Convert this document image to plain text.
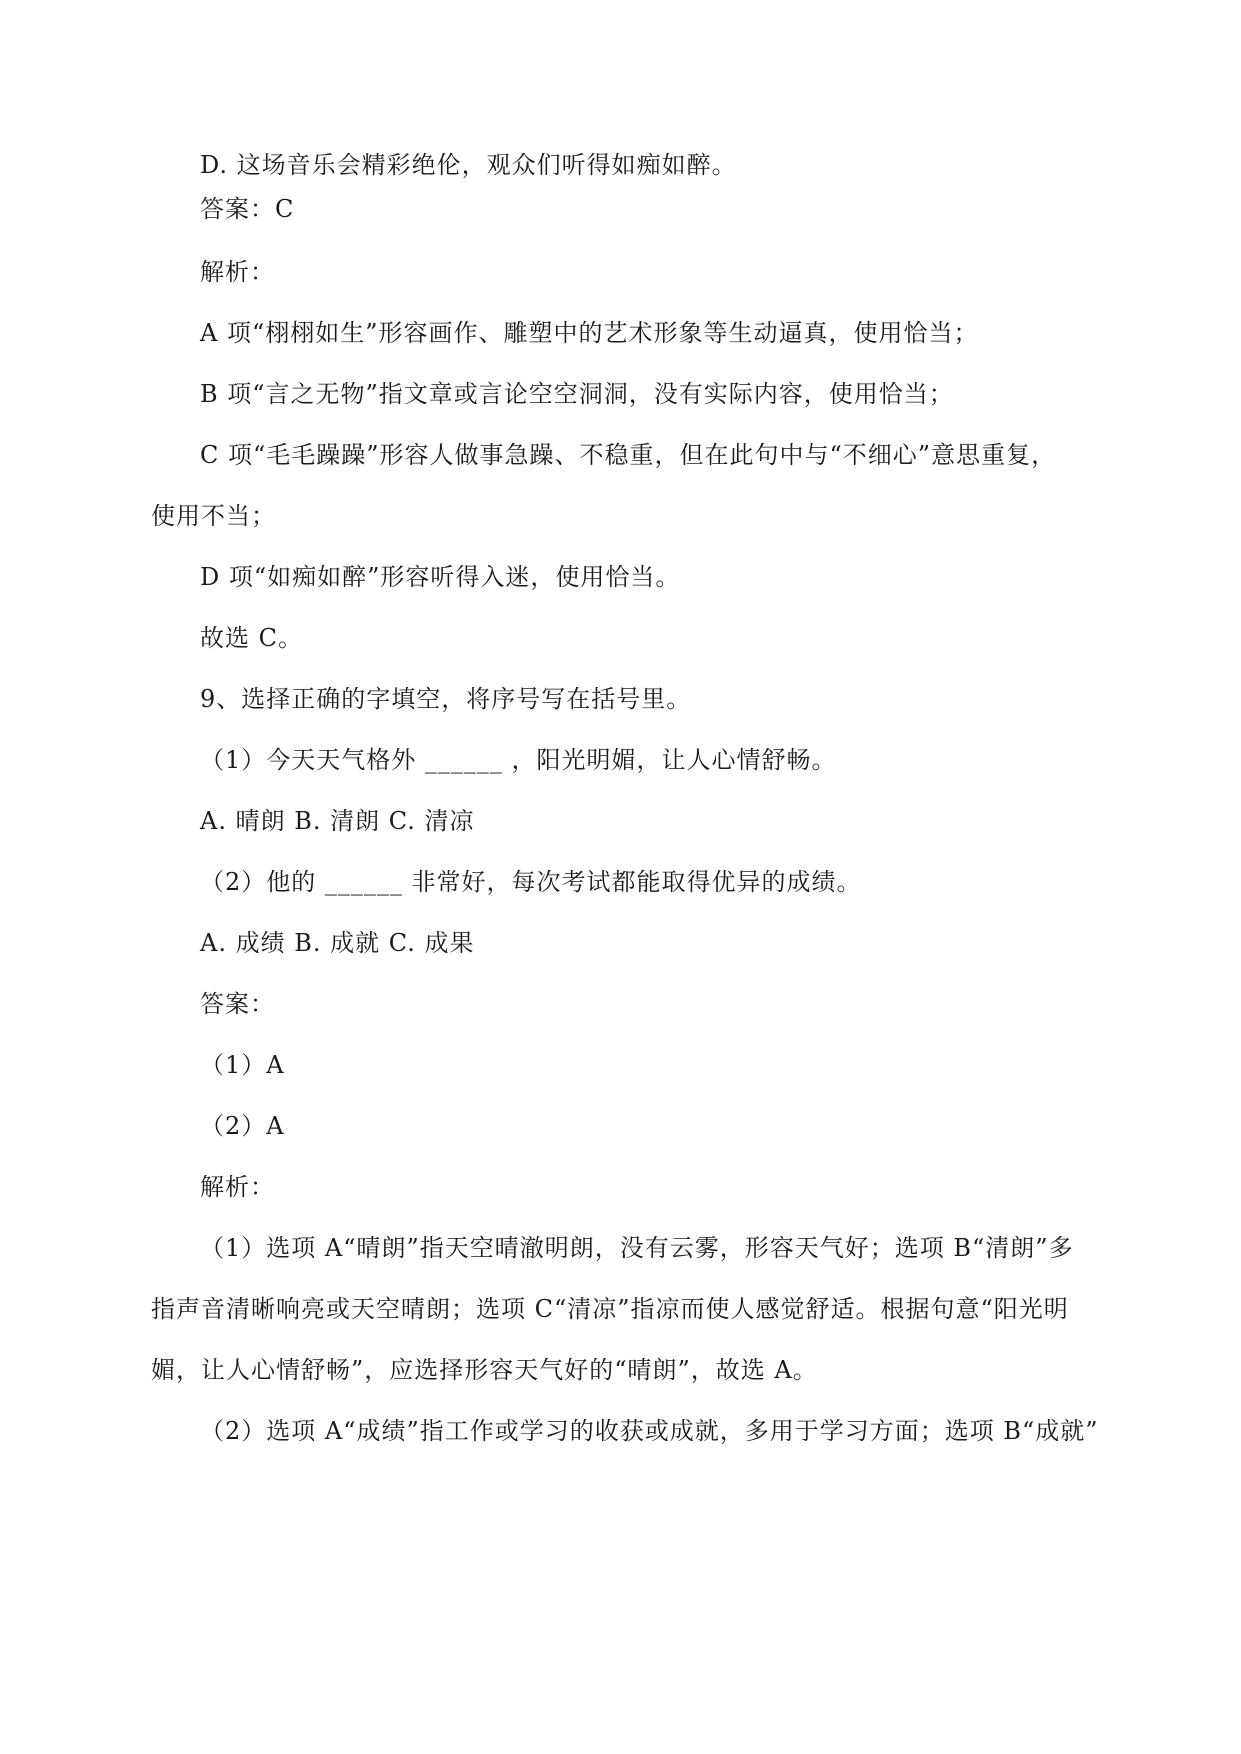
D. 这场音乐会精彩绝伦，观众们听得如痴如醉。
答案：C
解析：
A 项“栩栩如生”形容画作、雕塑中的艺术形象等生动逼真，使用恰当；
B 项“言之无物”指文章或言论空空洞洞，没有实际内容，使用恰当；
C 项“毛毛躁躁”形容人做事急躁、不稳重，但在此句中与“不细心”意思重复，
使用不当；
D 项“如痴如醉”形容听得入迷，使用恰当。
故选 C。
9、选择正确的字填空，将序号写在括号里。
（1）今天天气格外 ______ ，阳光明媚，让人心情舒畅。
A. 晴朗 B. 清朗 C. 清凉
（2）他的 ______ 非常好，每次考试都能取得优异的成绩。
A. 成绩 B. 成就 C. 成果
答案：
（1）A
（2）A
解析：
（1）选项 A“晴朗”指天空晴澈明朗，没有云雾，形容天气好；选项 B“清朗”多
指声音清晰响亮或天空晴朗；选项 C“清凉”指凉而使人感觉舒适。根据句意“阳光明
媚，让人心情舒畅”，应选择形容天气好的“晴朗”，故选 A。
（2）选项 A“成绩”指工作或学习的收获或成就，多用于学习方面；选项 B“成就”
